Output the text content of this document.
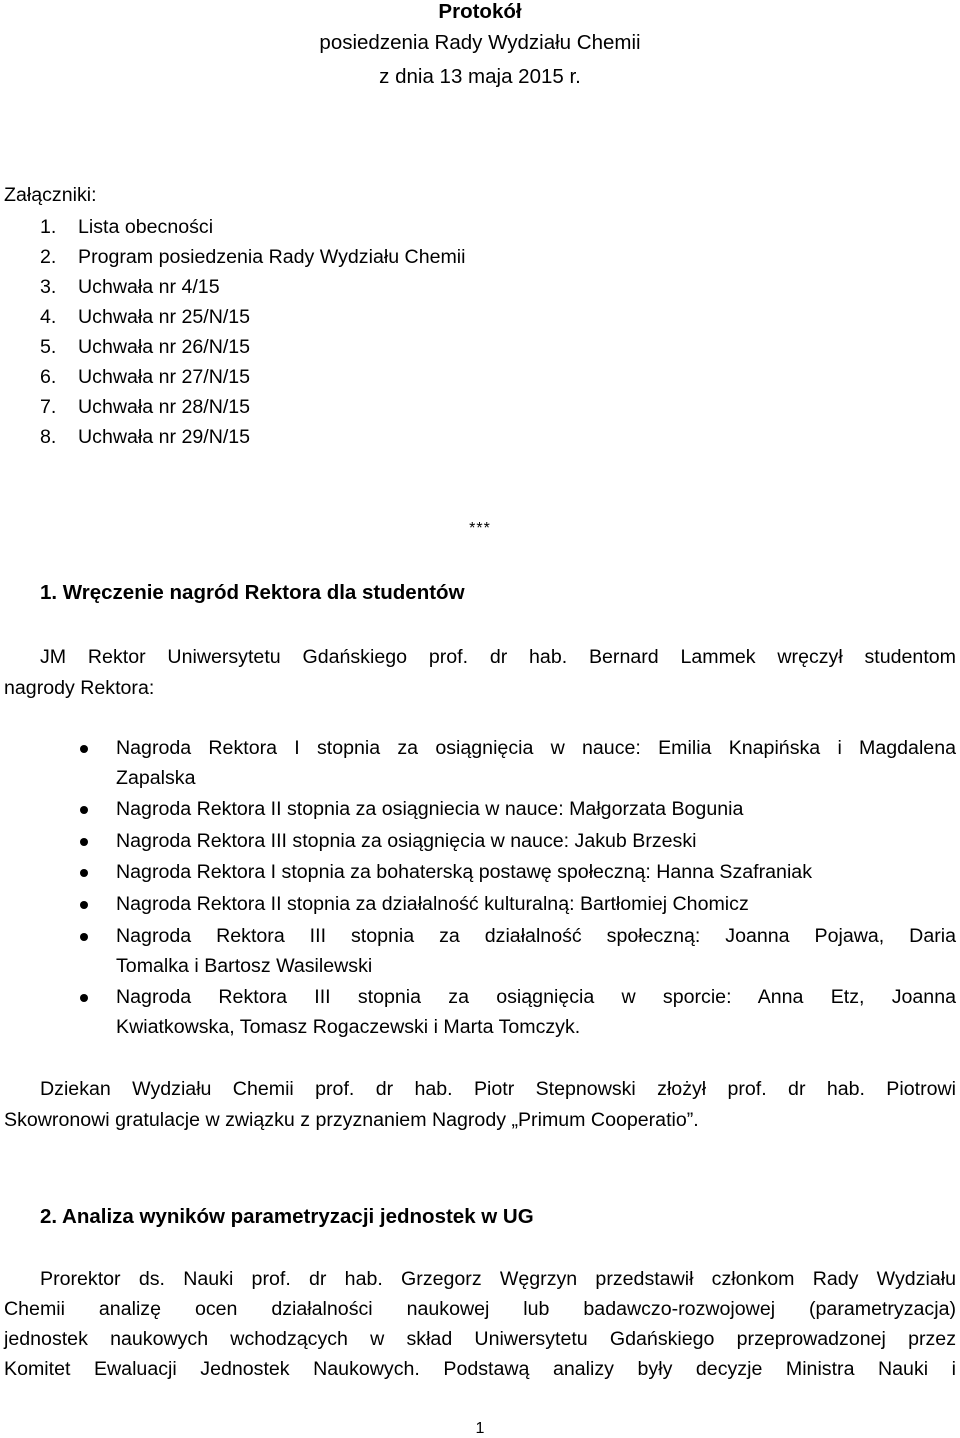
Protokół
posiedzenia Rady Wydziału Chemii
z dnia 13 maja 2015 r.
Załączniki:
1. Lista obecności
2. Program posiedzenia Rady Wydziału Chemii
3. Uchwała nr 4/15
4. Uchwała nr 25/N/15
5. Uchwała nr 26/N/15
6. Uchwała nr 27/N/15
7. Uchwała nr 28/N/15
8. Uchwała nr 29/N/15
***
1. Wręczenie nagród Rektora dla studentów
JM Rektor Uniwersytetu Gdańskiego prof. dr hab. Bernard Lammek wręczył studentom
nagrody Rektora:
Nagroda Rektora I stopnia za osiągnięcia w nauce: Emilia Knapińska i Magdalena
Zapalska
Nagroda Rektora II stopnia za osiągniecia w nauce: Małgorzata Bogunia
Nagroda Rektora III stopnia za osiągnięcia w nauce: Jakub Brzeski
Nagroda Rektora I stopnia za bohaterską postawę społeczną: Hanna Szafraniak
Nagroda Rektora II stopnia za działalność kulturalną: Bartłomiej Chomicz
Nagroda Rektora III stopnia za działalność społeczną: Joanna Pojawa, Daria
Tomalka i Bartosz Wasilewski
Nagroda Rektora III stopnia za osiągnięcia w sporcie: Anna Etz, Joanna
Kwiatkowska, Tomasz Rogaczewski i Marta Tomczyk.
Dziekan Wydziału Chemii prof. dr hab. Piotr Stepnowski złożył prof. dr hab. Piotrowi
Skowronowi gratulacje w związku z przyznaniem Nagrody „Primum Cooperatio”.
2. Analiza wyników parametryzacji jednostek w UG
Prorektor ds. Nauki prof. dr hab. Grzegorz Węgrzyn przedstawił członkom Rady Wydziału
Chemii analizę ocen działalności naukowej lub badawczo-rozwojowej (parametryzacja)
jednostek naukowych wchodzących w skład Uniwersytetu Gdańskiego przeprowadzonej przez
Komitet Ewaluacji Jednostek Naukowych. Podstawą analizy były decyzje Ministra Nauki i
1
